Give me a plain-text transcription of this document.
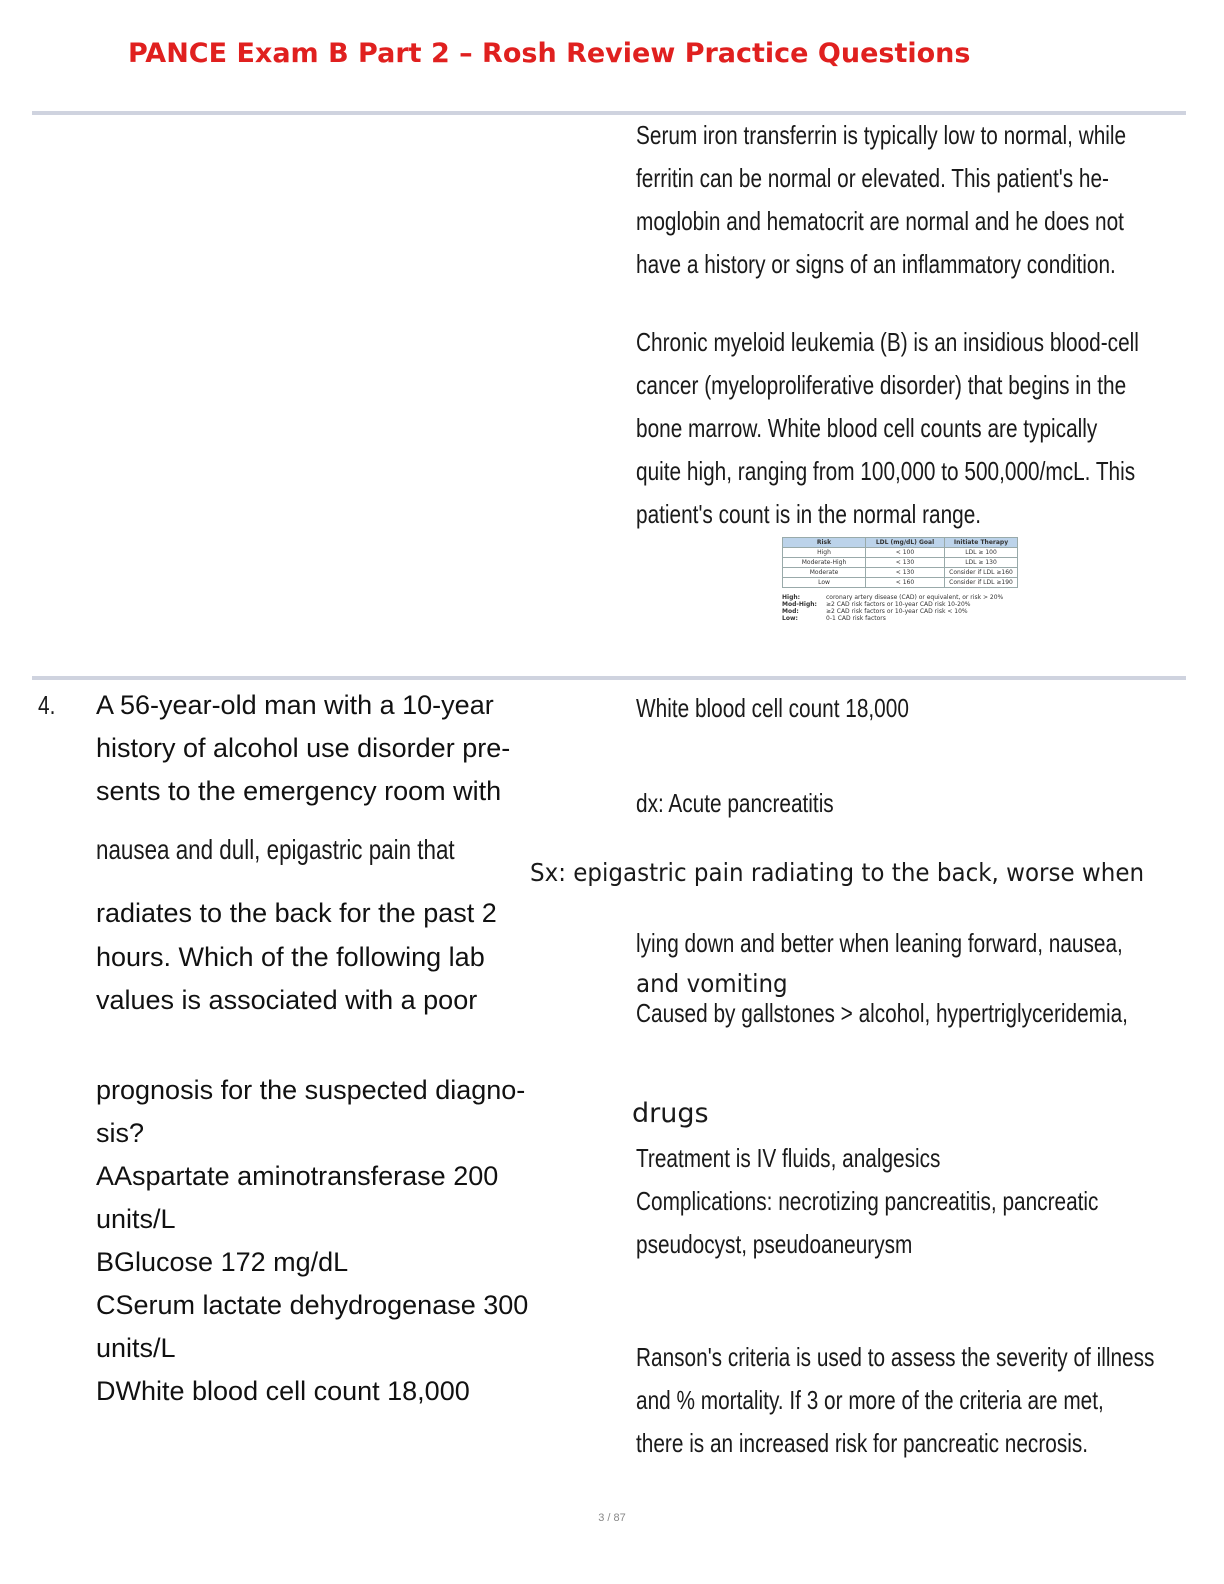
PANCE Exam B Part 2 – Rosh Review Practice Questions
Serum iron transferrin is typically low to normal, while
ferritin can be normal or elevated. This patient's he-
moglobin and hematocrit are normal and he does not
have a history or signs of an inflammatory condition.
Chronic myeloid leukemia (B) is an insidious blood-cell
cancer (myeloproliferative disorder) that begins in the
bone marrow. White blood cell counts are typically
quite high, ranging from 100,000 to 500,000/mcL. This
patient's count is in the normal range.
Risk	LDL (mg/dL) Goal	Initiate Therapy
High	< 100	LDL ≥ 100
Moderate-High	< 130	LDL ≥ 130
Moderate	< 130	Consider if LDL ≥160
Low	< 160	Consider if LDL ≥190
High:	coronary artery disease (CAD) or equivalent, or risk > 20%
Mod-High: ≥2 CAD risk factors or 10-year CAD risk 10-20%
Mod:	≥2 CAD risk factors or 10-year CAD risk < 10%
Low:	0-1 CAD risk factors
4. A 56-year-old man with a 10-year
history of alcohol use disorder pre-
sents to the emergency room with
nausea and dull, epigastric pain that
radiates to the back for the past 2
hours. Which of the following lab
values is associated with a poor
prognosis for the suspected diagno-
sis?
AAspartate aminotransferase 200
units/L
BGlucose 172 mg/dL
CSerum lactate dehydrogenase 300
units/L
DWhite blood cell count 18,000
White blood cell count 18,000
dx: Acute pancreatitis
Sx: epigastric pain radiating to the back, worse when
lying down and better when leaning forward, nausea,
and vomiting
Caused by gallstones > alcohol, hypertriglyceridemia,
drugs
Treatment is IV fluids, analgesics
Complications: necrotizing pancreatitis, pancreatic
pseudocyst, pseudoaneurysm
Ranson's criteria is used to assess the severity of illness
and % mortality. If 3 or more of the criteria are met,
there is an increased risk for pancreatic necrosis.
3 / 87
